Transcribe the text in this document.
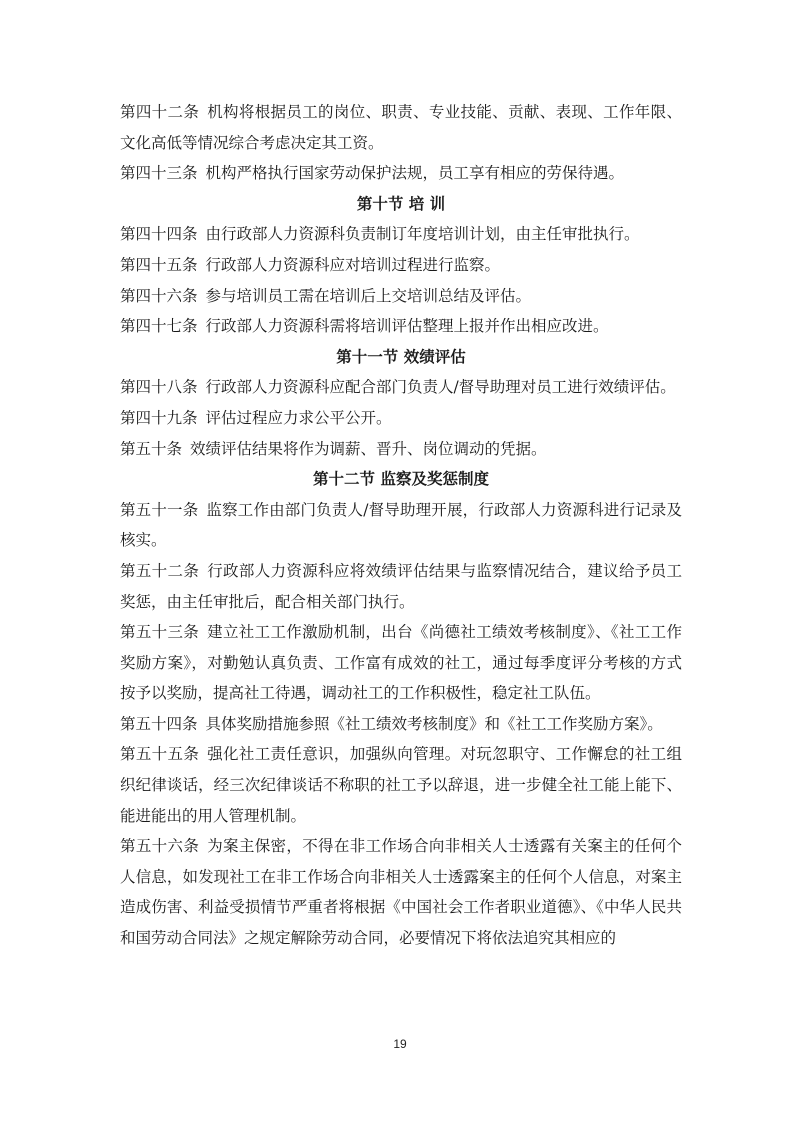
第四十二条 机构将根据员工的岗位、职责、专业技能、贡献、表现、工作年限、文化高低等情况综合考虑决定其工资。

第四十三条 机构严格执行国家劳动保护法规，员工享有相应的劳保待遇。

第十节 培 训

第四十四条 由行政部人力资源科负责制订年度培训计划，由主任审批执行。

第四十五条 行政部人力资源科应对培训过程进行监察。

第四十六条 参与培训员工需在培训后上交培训总结及评估。

第四十七条 行政部人力资源科需将培训评估整理上报并作出相应改进。

第十一节 效绩评估

第四十八条 行政部人力资源科应配合部门负责人/督导助理对员工进行效绩评估。

第四十九条 评估过程应力求公平公开。

第五十条 效绩评估结果将作为调薪、晋升、岗位调动的凭据。

第十二节 监察及奖惩制度

第五十一条 监察工作由部门负责人/督导助理开展，行政部人力资源科进行记录及核实。

第五十二条 行政部人力资源科应将效绩评估结果与监察情况结合，建议给予员工奖惩，由主任审批后，配合相关部门执行。

第五十三条 建立社工工作激励机制，出台《尚德社工绩效考核制度》、《社工工作奖励方案》，对勤勉认真负责、工作富有成效的社工，通过每季度评分考核的方式按予以奖励，提高社工待遇，调动社工的工作积极性，稳定社工队伍。

第五十四条 具体奖励措施参照《社工绩效考核制度》和《社工工作奖励方案》。

第五十五条 强化社工责任意识，加强纵向管理。对玩忽职守、工作懈怠的社工组织纪律谈话，经三次纪律谈话不称职的社工予以辞退，进一步健全社工能上能下、能进能出的用人管理机制。

第五十六条 为案主保密，不得在非工作场合向非相关人士透露有关案主的任何个人信息，如发现社工在非工作场合向非相关人士透露案主的任何个人信息，对案主造成伤害、利益受损情节严重者将根据《中国社会工作者职业道德》、《中华人民共和国劳动合同法》之规定解除劳动合同，必要情况下将依法追究其相应的

19
